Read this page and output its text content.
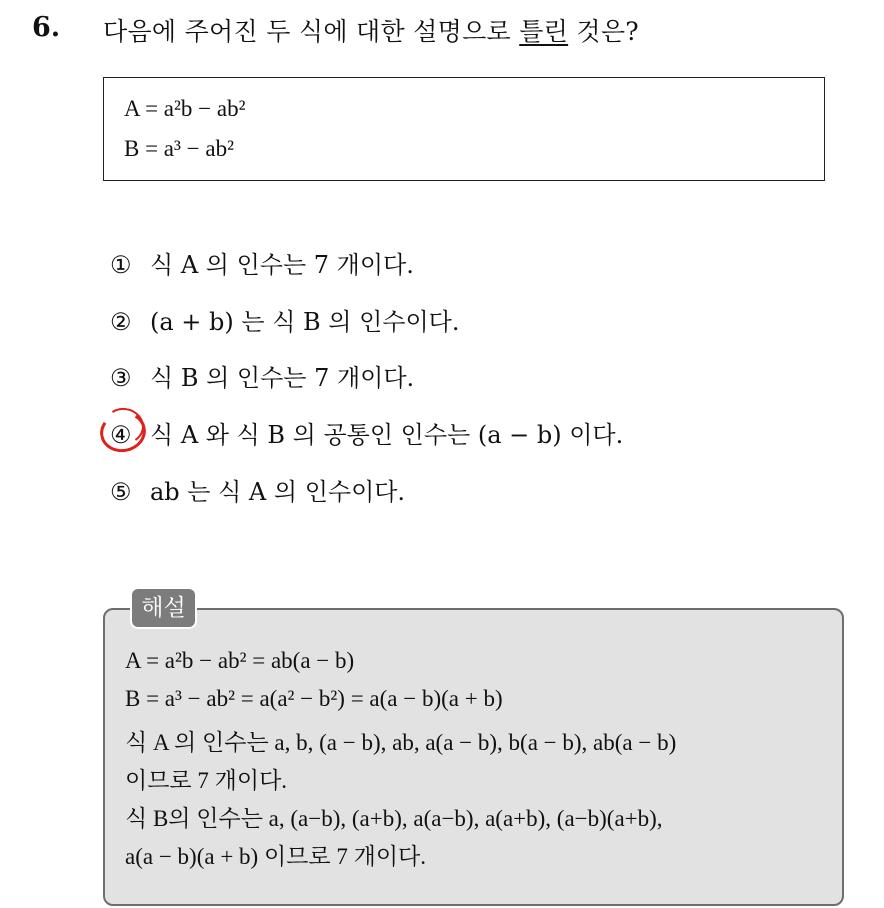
6. 다음에 주어진 두 식에 대한 설명으로 틀린 것은?
A = a²b − ab²
B = a³ − ab²
① 식 A 의 인수는 7 개이다.
② (a + b) 는 식 B 의 인수이다.
③ 식 B 의 인수는 7 개이다.
④ 식 A 와 식 B 의 공통인 인수는 (a − b) 이다.
⑤ ab 는 식 A 의 인수이다.
해설
A = a²b − ab² = ab(a − b)
B = a³ − ab² = a(a² − b²) = a(a − b)(a + b)
식 A 의 인수는 a, b, (a − b), ab, a(a − b), b(a − b), ab(a − b)
이므로 7 개이다.
식 B의 인수는 a, (a−b), (a+b), a(a−b), a(a+b), (a−b)(a+b),
a(a − b)(a + b) 이므로 7 개이다.
